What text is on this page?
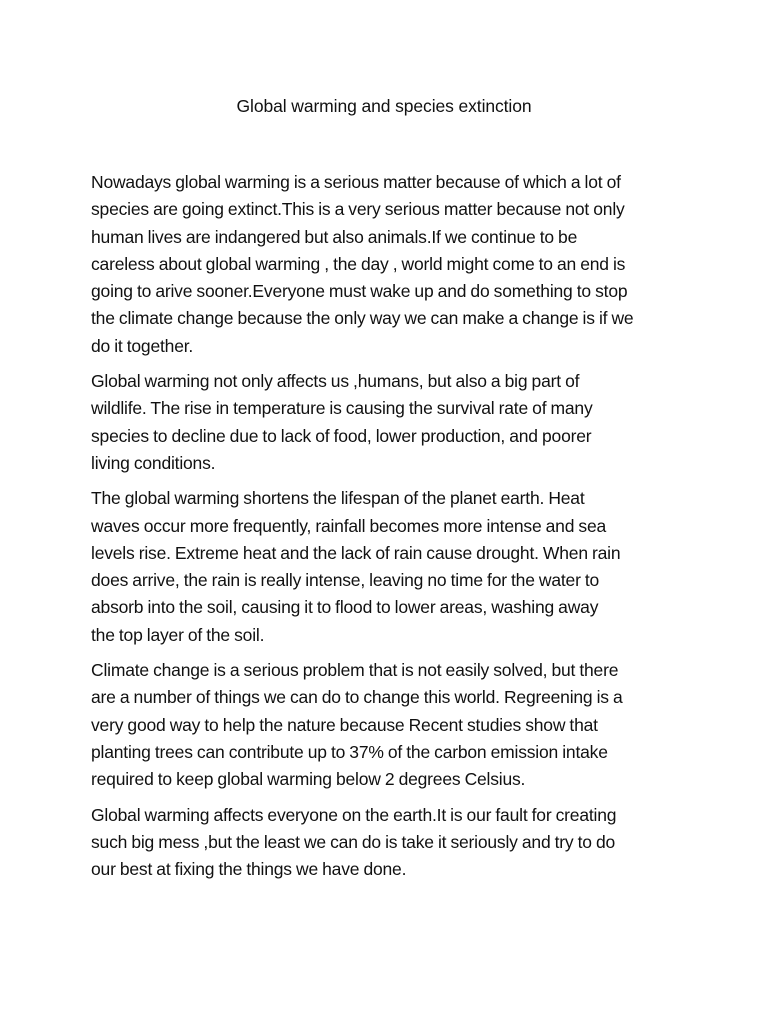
Global warming and species extinction

Nowadays global warming is a serious matter because of which a lot of
species are going extinct.This is a very serious matter because not only
human lives are indangered but also animals.If we continue to be
careless about global warming , the day , world might come to an end is
going to arive sooner.Everyone must wake up and do something to stop
the climate change because the only way we can make a change is if we
do it together.

Global warming not only affects us ,humans, but also a big part of
wildlife. The rise in temperature is causing the survival rate of many
species to decline due to lack of food, lower production, and poorer
living conditions.

The global warming shortens the lifespan of the planet earth. Heat
waves occur more frequently, rainfall becomes more intense and sea
levels rise. Extreme heat and the lack of rain cause drought. When rain
does arrive, the rain is really intense, leaving no time for the water to
absorb into the soil, causing it to flood to lower areas, washing away
the top layer of the soil.

Climate change is a serious problem that is not easily solved, but there
are a number of things we can do to change this world. Regreening is a
very good way to help the nature because Recent studies show that
planting trees can contribute up to 37% of the carbon emission intake
required to keep global warming below 2 degrees Celsius.

Global warming affects everyone on the earth.It is our fault for creating
such big mess ,but the least we can do is take it seriously and try to do
our best at fixing the things we have done.
